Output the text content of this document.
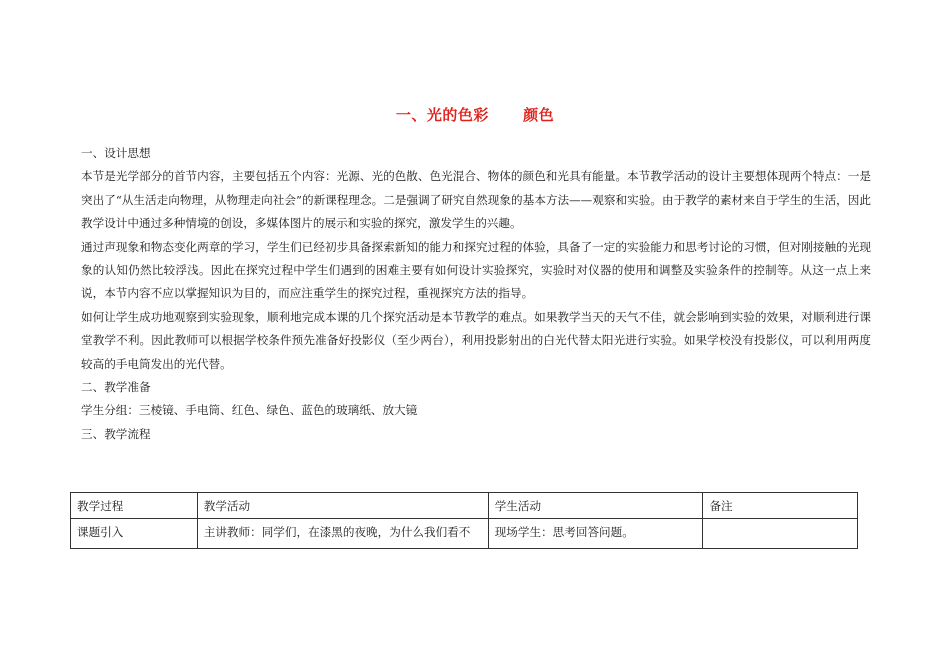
一、光的色彩      颜色

一、设计思想

本节是光学部分的首节内容，主要包括五个内容：光源、光的色散、色光混合、物体的颜色和光具有能量。本节教学活动的设计主要想体现两个特点：一是突出了“从生活走向物理，从物理走向社会”的新课程理念。二是强调了研究自然现象的基本方法——观察和实验。由于教学的素材来自于学生的生活，因此教学设计中通过多种情境的创设，多媒体图片的展示和实验的探究，激发学生的兴趣。

通过声现象和物态变化两章的学习，学生们已经初步具备探索新知的能力和探究过程的体验，具备了一定的实验能力和思考讨论的习惯，但对刚接触的光现象的认知仍然比较浮浅。因此在探究过程中学生们遇到的困难主要有如何设计实验探究，实验时对仪器的使用和调整及实验条件的控制等。从这一点上来说，本节内容不应以掌握知识为目的，而应注重学生的探究过程，重视探究方法的指导。

如何让学生成功地观察到实验现象，顺利地完成本课的几个探究活动是本节教学的难点。如果教学当天的天气不佳，就会影响到实验的效果，对顺利进行课堂教学不利。因此教师可以根据学校条件预先准备好投影仪（至少两台），利用投影射出的白光代替太阳光进行实验。如果学校没有投影仪，可以利用两度较高的手电筒发出的光代替。

二、教学准备

学生分组：三棱镜、手电筒、红色、绿色、蓝色的玻璃纸、放大镜

三、教学流程

教学过程	教学活动	学生活动	备注
课题引入	主讲教师：同学们，在漆黑的夜晚，为什么我们看不	现场学生：思考回答问题。	
